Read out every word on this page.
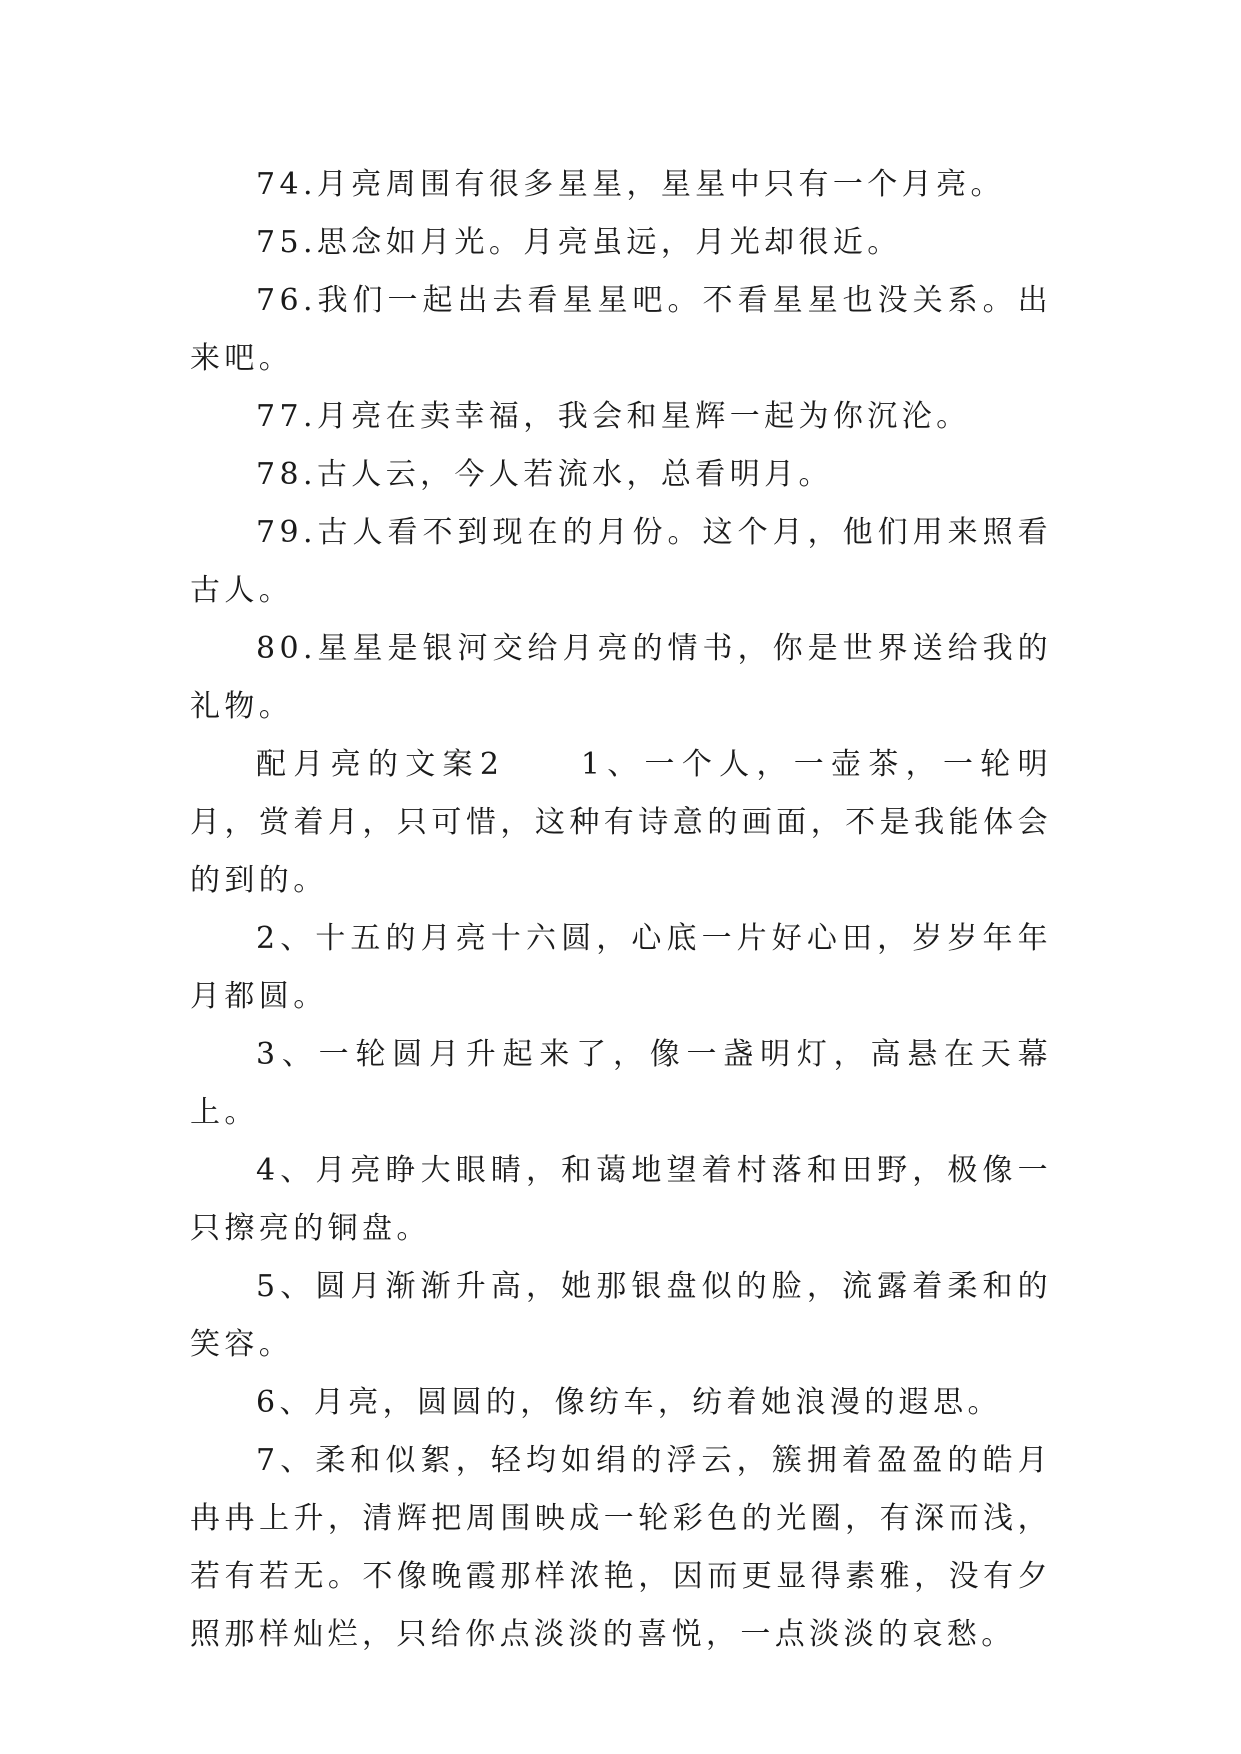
74.月亮周围有很多星星，星星中只有一个月亮。

75.思念如月光。月亮虽远，月光却很近。

76.我们一起出去看星星吧。不看星星也没关系。出来吧。

77.月亮在卖幸福，我会和星辉一起为你沉沦。

78.古人云，今人若流水，总看明月。

79.古人看不到现在的月份。这个月，他们用来照看古人。

80.星星是银河交给月亮的情书，你是世界送给我的礼物。

配月亮的文案2　　1、一个人，一壶茶，一轮明月，赏着月，只可惜，这种有诗意的画面，不是我能体会的到的。

2、十五的月亮十六圆，心底一片好心田，岁岁年年月都圆。

3、一轮圆月升起来了，像一盏明灯，高悬在天幕上。

4、月亮睁大眼睛，和蔼地望着村落和田野，极像一只擦亮的铜盘。

5、圆月渐渐升高，她那银盘似的脸，流露着柔和的笑容。

6、月亮，圆圆的，像纺车，纺着她浪漫的遐思。

7、柔和似絮，轻均如绢的浮云，簇拥着盈盈的皓月冉冉上升，清辉把周围映成一轮彩色的光圈，有深而浅，若有若无。不像晚霞那样浓艳，因而更显得素雅，没有夕照那样灿烂，只给你点淡淡的喜悦，一点淡淡的哀愁。
